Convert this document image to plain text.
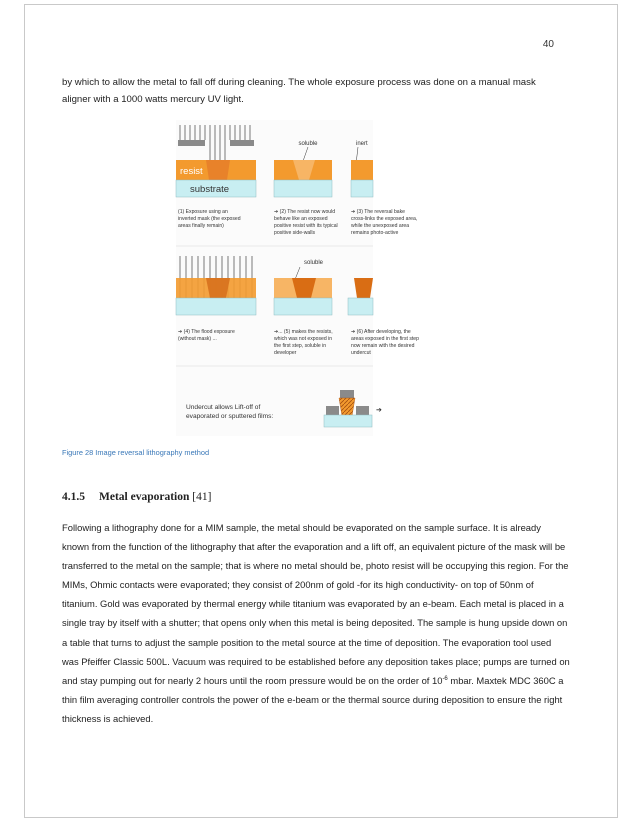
40

by which to allow the metal to fall off during cleaning. The whole exposure process was done on a manual mask aligner with a 1000 watts mercury UV light.

resist
substrate
soluble	inert
(1) Exposure using an
inverted mask (the exposed
areas finally remain)
➔ (2) The resist now would
behave like an exposed
positive resist with its typical
positive side-walls
➔ (3) The reversal bake
cross-links the exposed area,
while the unexposed area
remains photo-active
soluble
➔ (4) The flood exposure
(without mask) ...
➔... (5) makes the resists,
which was not exposed in
the first step, soluble in
developer
➔ (6) After developing, the
areas exposed in the first step
now remain with the desired
undercut
Undercut allows Lift-off of
evaporated or sputtered films:
➔

Figure 28 Image reversal lithography method

4.1.5 Metal evaporation [41]

Following a lithography done for a MIM sample, the metal should be evaporated on the sample surface. It is already known from the function of the lithography that after the evaporation and a lift off, an equivalent picture of the mask will be transferred to the metal on the sample; that is where no metal should be, photo resist will be occupying this region. For the MIMs, Ohmic contacts were evaporated; they consist of 200nm of gold -for its high conductivity- on top of 50nm of titanium. Gold was evaporated by thermal energy while titanium was evaporated by an e-beam. Each metal is placed in a single tray by itself with a shutter; that opens only when this metal is being deposited. The sample is hung upside down on a table that turns to adjust the sample position to the metal source at the time of deposition. The evaporation tool used was Pfeiffer Classic 500L. Vacuum was required to be established before any deposition takes place; pumps are turned on and stay pumping out for nearly 2 hours until the room pressure would be on the order of $10^{-6}$ mbar. Maxtek MDC 360C a thin film averaging controller controls the power of the e-beam or the thermal source during deposition to ensure the right thickness is achieved.
